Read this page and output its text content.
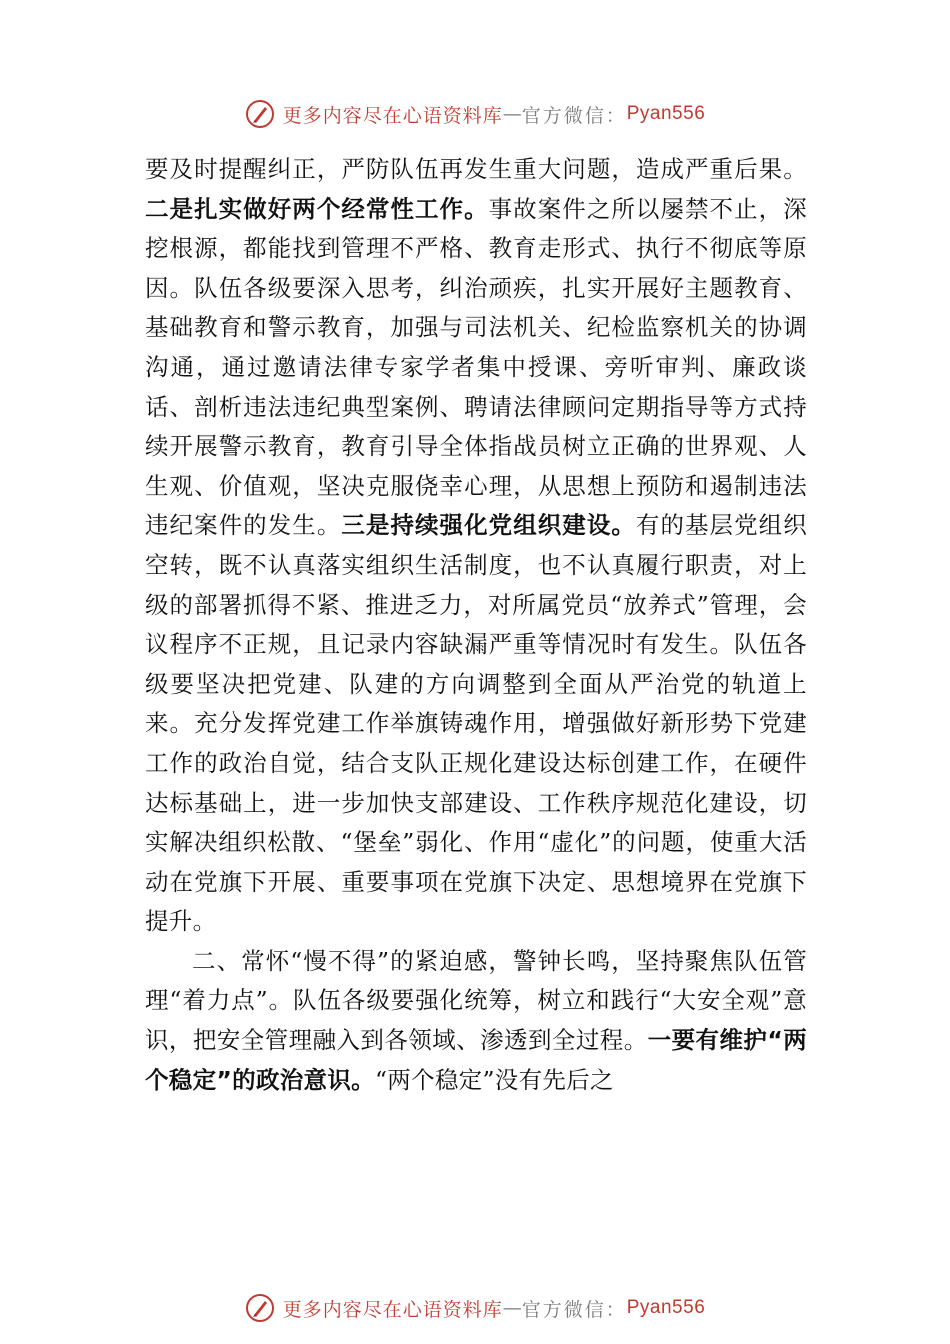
更多内容尽在心语资料库 — 官方微信： Pyan556

要及时提醒纠正，严防队伍再发生重大问题，造成严重后果。二是扎实做好两个经常性工作。事故案件之所以屡禁不止，深挖根源，都能找到管理不严格、教育走形式、执行不彻底等原因。队伍各级要深入思考，纠治顽疾，扎实开展好主题教育、基础教育和警示教育，加强与司法机关、纪检监察机关的协调沟通，通过邀请法律专家学者集中授课、旁听审判、廉政谈话、剖析违法违纪典型案例、聘请法律顾问定期指导等方式持续开展警示教育，教育引导全体指战员树立正确的世界观、人生观、价值观，坚决克服侥幸心理，从思想上预防和遏制违法违纪案件的发生。三是持续强化党组织建设。有的基层党组织空转，既不认真落实组织生活制度，也不认真履行职责，对上级的部署抓得不紧、推进乏力，对所属党员“放养式”管理，会议程序不正规，且记录内容缺漏严重等情况时有发生。队伍各级要坚决把党建、队建的方向调整到全面从严治党的轨道上来。充分发挥党建工作举旗铸魂作用，增强做好新形势下党建工作的政治自觉，结合支队正规化建设达标创建工作，在硬件达标基础上，进一步加快支部建设、工作秩序规范化建设，切实解决组织松散、“堡垒”弱化、作用“虚化”的问题，使重大活动在党旗下开展、重要事项在党旗下决定、思想境界在党旗下提升。

二、常怀“慢不得”的紧迫感，警钟长鸣，坚持聚焦队伍管理“着力点”。队伍各级要强化统筹，树立和践行“大安全观”意识，把安全管理融入到各领域、渗透到全过程。一要有维护“两个稳定”的政治意识。“两个稳定”没有先后之

更多内容尽在心语资料库 — 官方微信： Pyan556
